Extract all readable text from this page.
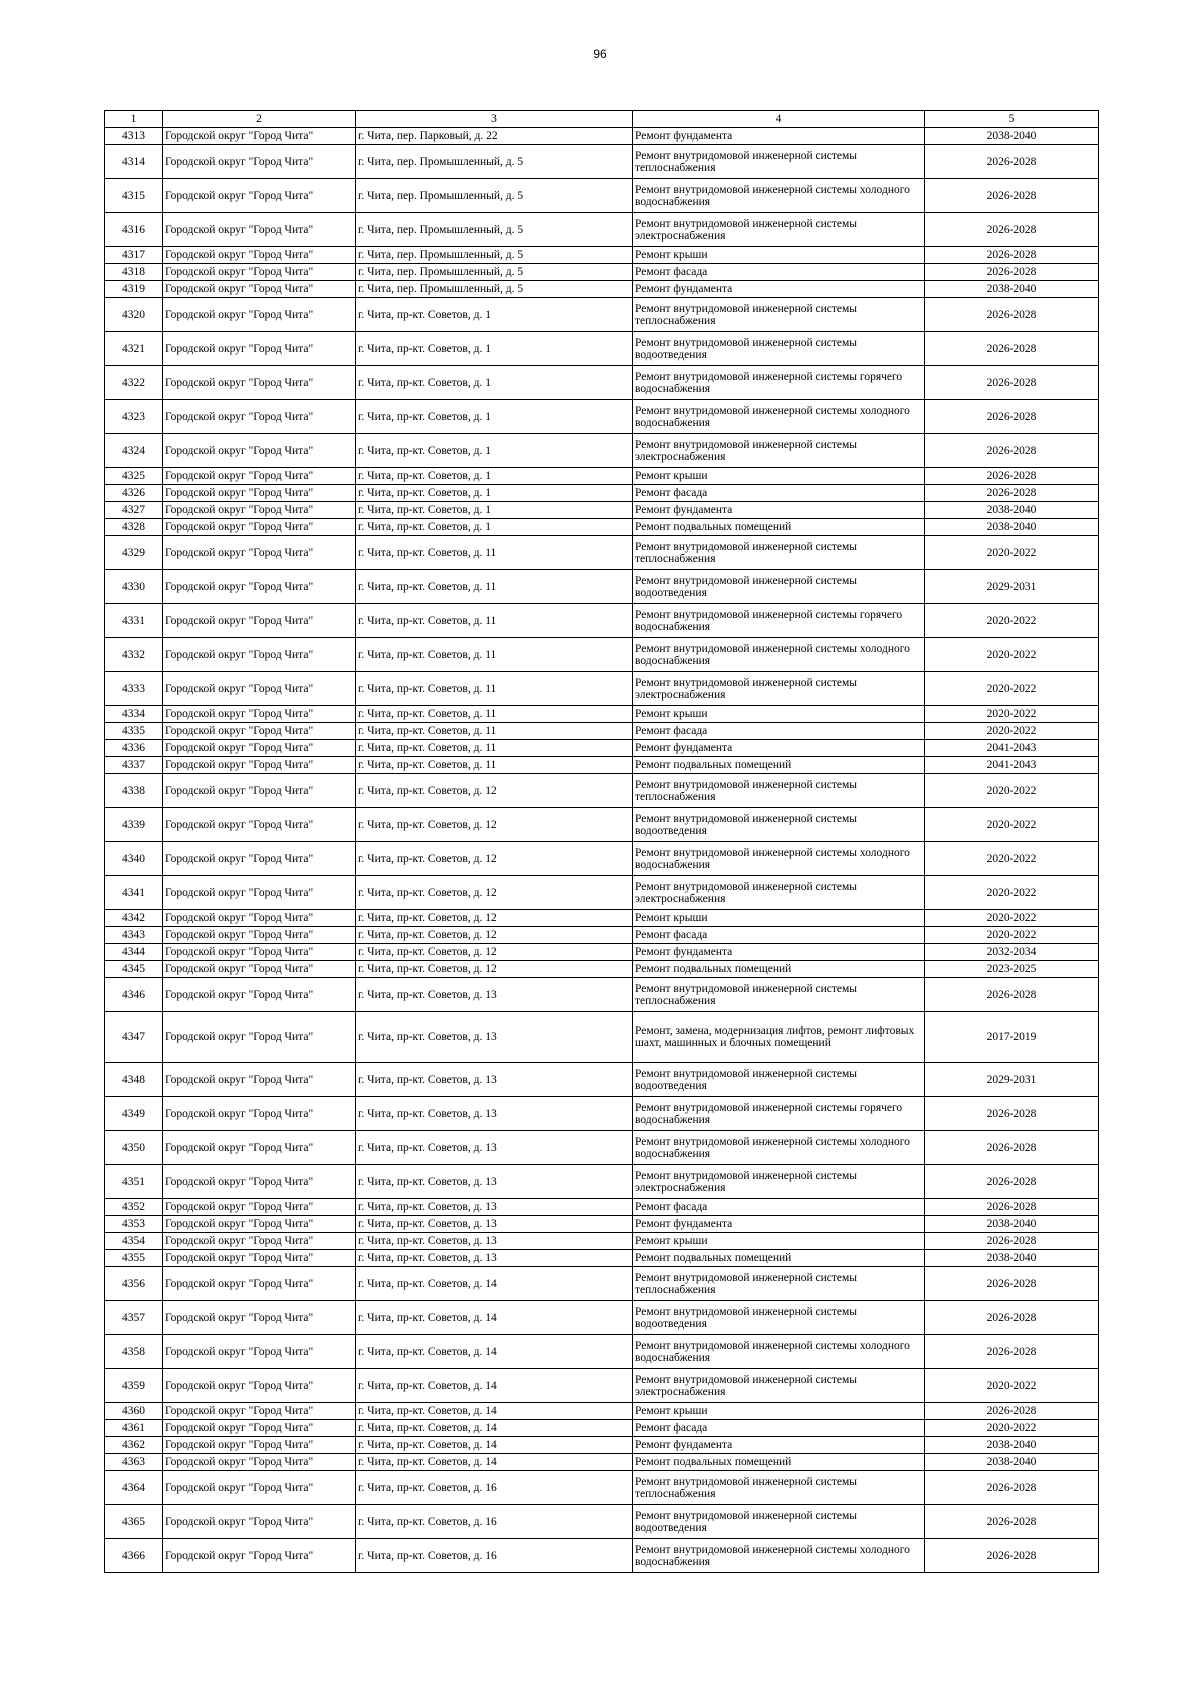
96
1	2	3	4	5
4313	Городской округ "Город Чита"	г. Чита, пер. Парковый, д. 22	Ремонт фундамента	2038-2040
4314	Городской округ "Город Чита"	г. Чита, пер. Промышленный, д. 5	Ремонт внутридомовой инженерной системы теплоснабжения	2026-2028
4315	Городской округ "Город Чита"	г. Чита, пер. Промышленный, д. 5	Ремонт внутридомовой инженерной системы холодного водоснабжения	2026-2028
4316	Городской округ "Город Чита"	г. Чита, пер. Промышленный, д. 5	Ремонт внутридомовой инженерной системы электроснабжения	2026-2028
4317	Городской округ "Город Чита"	г. Чита, пер. Промышленный, д. 5	Ремонт крыши	2026-2028
4318	Городской округ "Город Чита"	г. Чита, пер. Промышленный, д. 5	Ремонт фасада	2026-2028
4319	Городской округ "Город Чита"	г. Чита, пер. Промышленный, д. 5	Ремонт фундамента	2038-2040
4320	Городской округ "Город Чита"	г. Чита, пр-кт. Советов, д. 1	Ремонт внутридомовой инженерной системы теплоснабжения	2026-2028
4321	Городской округ "Город Чита"	г. Чита, пр-кт. Советов, д. 1	Ремонт внутридомовой инженерной системы водоотведения	2026-2028
4322	Городской округ "Город Чита"	г. Чита, пр-кт. Советов, д. 1	Ремонт внутридомовой инженерной системы горячего водоснабжения	2026-2028
4323	Городской округ "Город Чита"	г. Чита, пр-кт. Советов, д. 1	Ремонт внутридомовой инженерной системы холодного водоснабжения	2026-2028
4324	Городской округ "Город Чита"	г. Чита, пр-кт. Советов, д. 1	Ремонт внутридомовой инженерной системы электроснабжения	2026-2028
4325	Городской округ "Город Чита"	г. Чита, пр-кт. Советов, д. 1	Ремонт крыши	2026-2028
4326	Городской округ "Город Чита"	г. Чита, пр-кт. Советов, д. 1	Ремонт фасада	2026-2028
4327	Городской округ "Город Чита"	г. Чита, пр-кт. Советов, д. 1	Ремонт фундамента	2038-2040
4328	Городской округ "Город Чита"	г. Чита, пр-кт. Советов, д. 1	Ремонт подвальных помещений	2038-2040
4329	Городской округ "Город Чита"	г. Чита, пр-кт. Советов, д. 11	Ремонт внутридомовой инженерной системы теплоснабжения	2020-2022
4330	Городской округ "Город Чита"	г. Чита, пр-кт. Советов, д. 11	Ремонт внутридомовой инженерной системы водоотведения	2029-2031
4331	Городской округ "Город Чита"	г. Чита, пр-кт. Советов, д. 11	Ремонт внутридомовой инженерной системы горячего водоснабжения	2020-2022
4332	Городской округ "Город Чита"	г. Чита, пр-кт. Советов, д. 11	Ремонт внутридомовой инженерной системы холодного водоснабжения	2020-2022
4333	Городской округ "Город Чита"	г. Чита, пр-кт. Советов, д. 11	Ремонт внутридомовой инженерной системы электроснабжения	2020-2022
4334	Городской округ "Город Чита"	г. Чита, пр-кт. Советов, д. 11	Ремонт крыши	2020-2022
4335	Городской округ "Город Чита"	г. Чита, пр-кт. Советов, д. 11	Ремонт фасада	2020-2022
4336	Городской округ "Город Чита"	г. Чита, пр-кт. Советов, д. 11	Ремонт фундамента	2041-2043
4337	Городской округ "Город Чита"	г. Чита, пр-кт. Советов, д. 11	Ремонт подвальных помещений	2041-2043
4338	Городской округ "Город Чита"	г. Чита, пр-кт. Советов, д. 12	Ремонт внутридомовой инженерной системы теплоснабжения	2020-2022
4339	Городской округ "Город Чита"	г. Чита, пр-кт. Советов, д. 12	Ремонт внутридомовой инженерной системы водоотведения	2020-2022
4340	Городской округ "Город Чита"	г. Чита, пр-кт. Советов, д. 12	Ремонт внутридомовой инженерной системы холодного водоснабжения	2020-2022
4341	Городской округ "Город Чита"	г. Чита, пр-кт. Советов, д. 12	Ремонт внутридомовой инженерной системы электроснабжения	2020-2022
4342	Городской округ "Город Чита"	г. Чита, пр-кт. Советов, д. 12	Ремонт крыши	2020-2022
4343	Городской округ "Город Чита"	г. Чита, пр-кт. Советов, д. 12	Ремонт фасада	2020-2022
4344	Городской округ "Город Чита"	г. Чита, пр-кт. Советов, д. 12	Ремонт фундамента	2032-2034
4345	Городской округ "Город Чита"	г. Чита, пр-кт. Советов, д. 12	Ремонт подвальных помещений	2023-2025
4346	Городской округ "Город Чита"	г. Чита, пр-кт. Советов, д. 13	Ремонт внутридомовой инженерной системы теплоснабжения	2026-2028
4347	Городской округ "Город Чита"	г. Чита, пр-кт. Советов, д. 13	Ремонт, замена, модернизация лифтов, ремонт лифтовых шахт, машинных и блочных помещений	2017-2019
4348	Городской округ "Город Чита"	г. Чита, пр-кт. Советов, д. 13	Ремонт внутридомовой инженерной системы водоотведения	2029-2031
4349	Городской округ "Город Чита"	г. Чита, пр-кт. Советов, д. 13	Ремонт внутридомовой инженерной системы горячего водоснабжения	2026-2028
4350	Городской округ "Город Чита"	г. Чита, пр-кт. Советов, д. 13	Ремонт внутридомовой инженерной системы холодного водоснабжения	2026-2028
4351	Городской округ "Город Чита"	г. Чита, пр-кт. Советов, д. 13	Ремонт внутридомовой инженерной системы электроснабжения	2026-2028
4352	Городской округ "Город Чита"	г. Чита, пр-кт. Советов, д. 13	Ремонт фасада	2026-2028
4353	Городской округ "Город Чита"	г. Чита, пр-кт. Советов, д. 13	Ремонт фундамента	2038-2040
4354	Городской округ "Город Чита"	г. Чита, пр-кт. Советов, д. 13	Ремонт крыши	2026-2028
4355	Городской округ "Город Чита"	г. Чита, пр-кт. Советов, д. 13	Ремонт подвальных помещений	2038-2040
4356	Городской округ "Город Чита"	г. Чита, пр-кт. Советов, д. 14	Ремонт внутридомовой инженерной системы теплоснабжения	2026-2028
4357	Городской округ "Город Чита"	г. Чита, пр-кт. Советов, д. 14	Ремонт внутридомовой инженерной системы водоотведения	2026-2028
4358	Городской округ "Город Чита"	г. Чита, пр-кт. Советов, д. 14	Ремонт внутридомовой инженерной системы холодного водоснабжения	2026-2028
4359	Городской округ "Город Чита"	г. Чита, пр-кт. Советов, д. 14	Ремонт внутридомовой инженерной системы электроснабжения	2020-2022
4360	Городской округ "Город Чита"	г. Чита, пр-кт. Советов, д. 14	Ремонт крыши	2026-2028
4361	Городской округ "Город Чита"	г. Чита, пр-кт. Советов, д. 14	Ремонт фасада	2020-2022
4362	Городской округ "Город Чита"	г. Чита, пр-кт. Советов, д. 14	Ремонт фундамента	2038-2040
4363	Городской округ "Город Чита"	г. Чита, пр-кт. Советов, д. 14	Ремонт подвальных помещений	2038-2040
4364	Городской округ "Город Чита"	г. Чита, пр-кт. Советов, д. 16	Ремонт внутридомовой инженерной системы теплоснабжения	2026-2028
4365	Городской округ "Город Чита"	г. Чита, пр-кт. Советов, д. 16	Ремонт внутридомовой инженерной системы водоотведения	2026-2028
4366	Городской округ "Город Чита"	г. Чита, пр-кт. Советов, д. 16	Ремонт внутридомовой инженерной системы холодного водоснабжения	2026-2028
